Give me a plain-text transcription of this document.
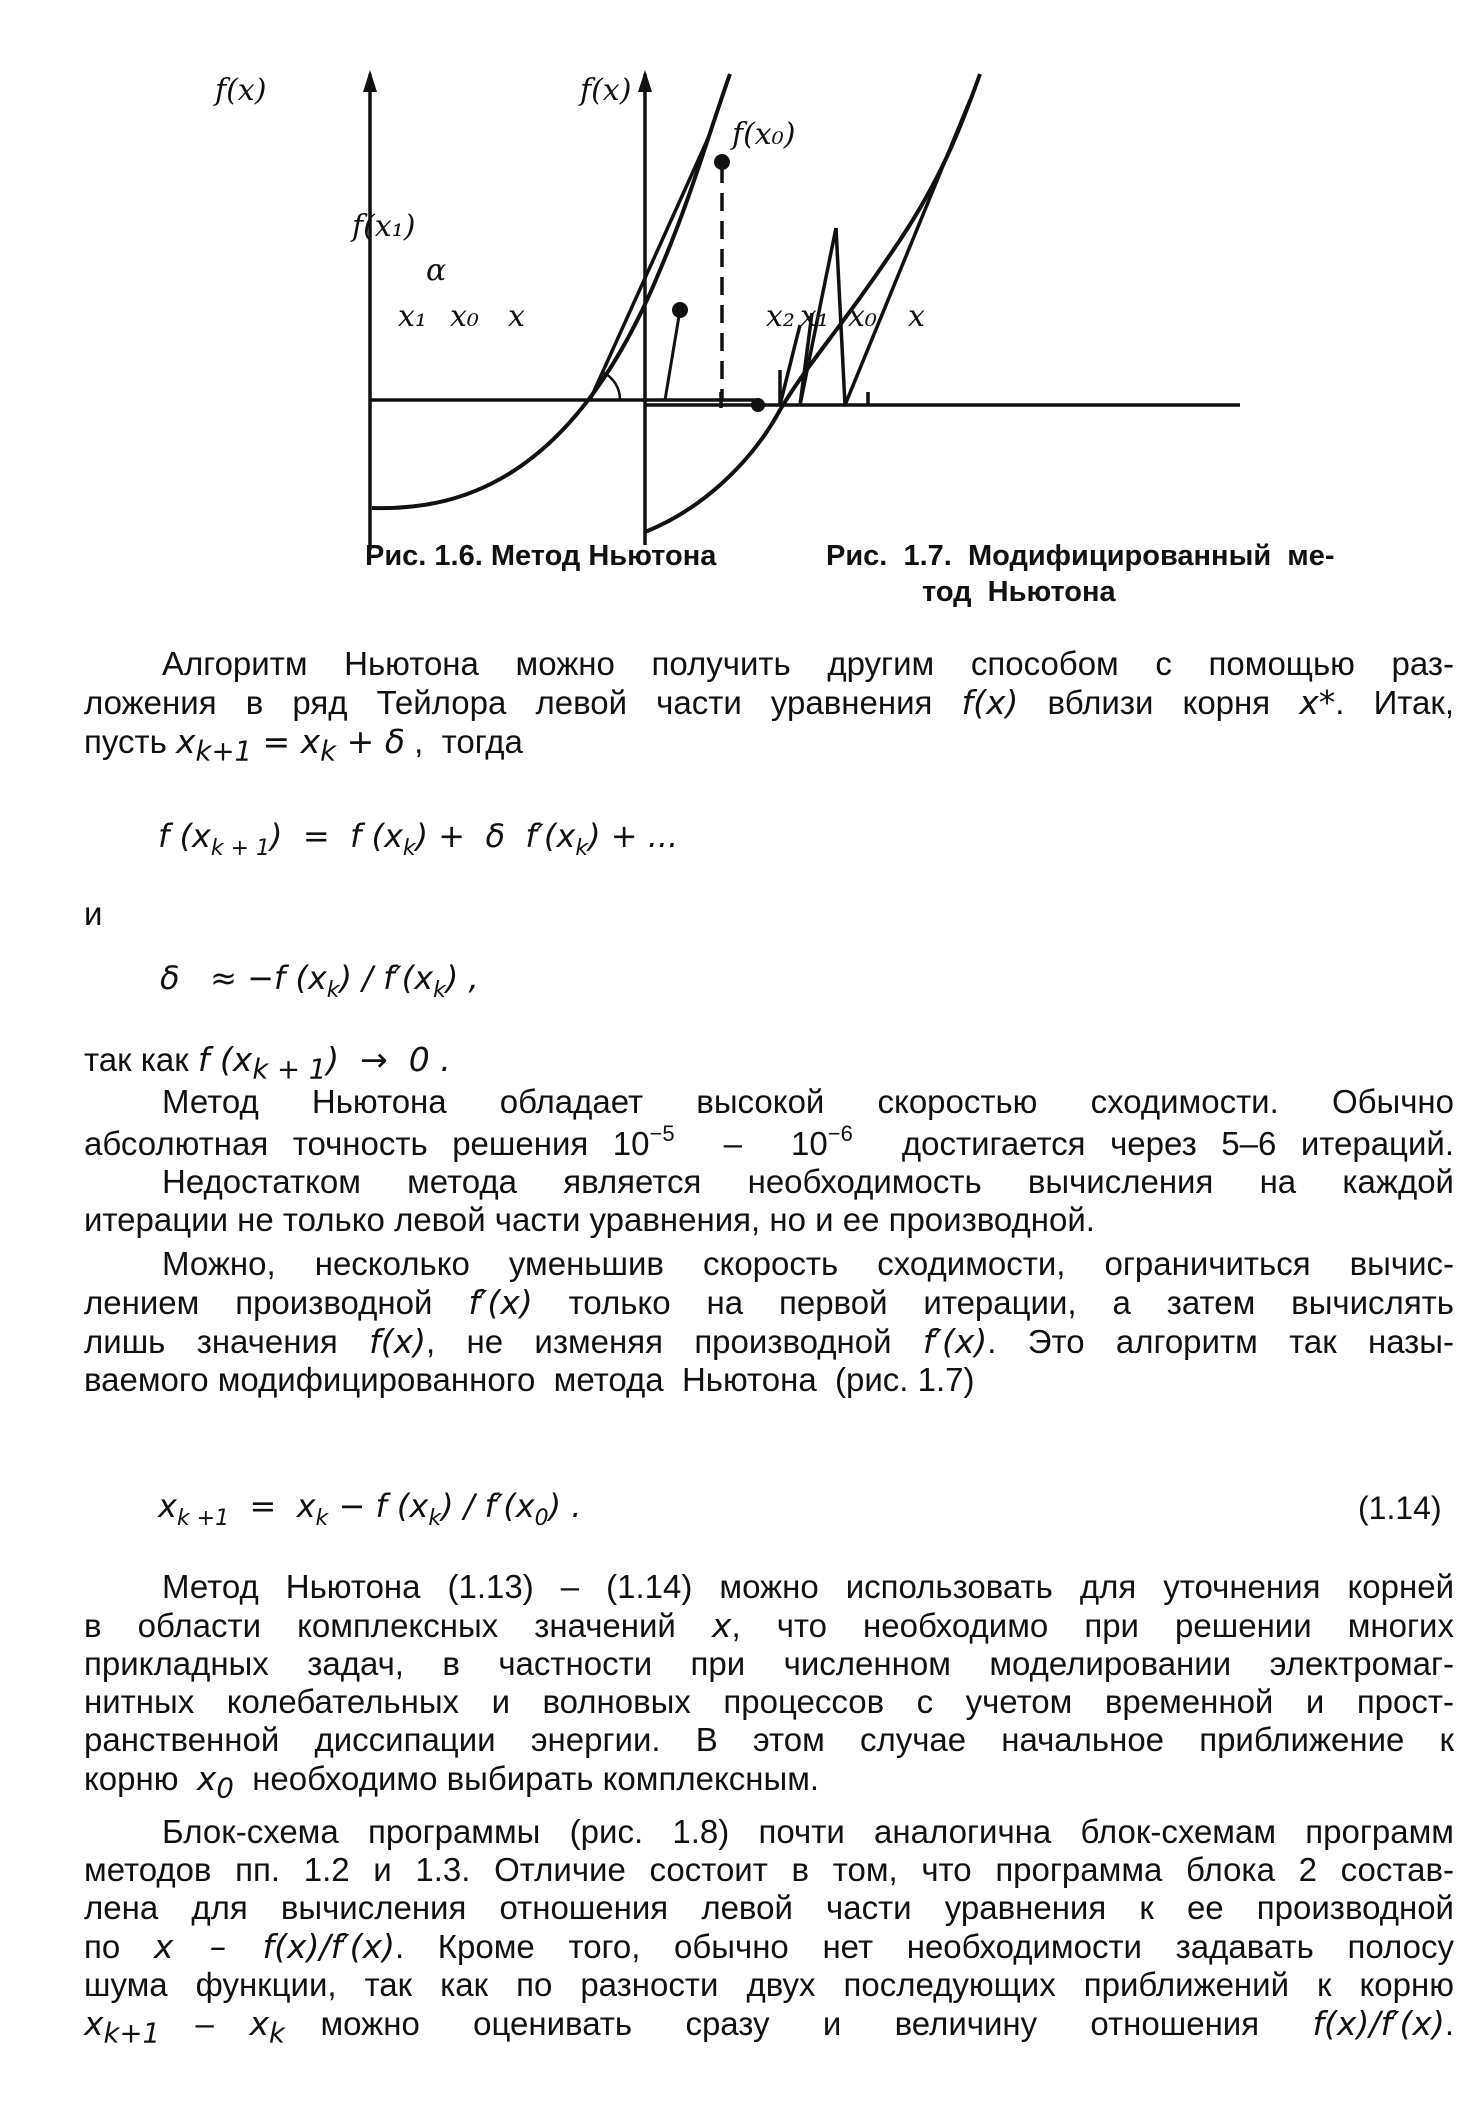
f(x)
f(x₀)
f(x₁)
α
x₁ x₀ x
f(x)
x₂ x₁ x₀ x
Рис. 1.6. Метод Ньютона	Рис.  1.7.  Модифицированный  ме-
тод  Ньютона
Алгоритм Ньютона можно получить другим способом с помощью раз-
ложения в ряд Тейлора левой части уравнения f(x) вблизи корня x*. Итак,
пусть $x_{k+1} = x_k + \delta$ ,  тогда
f $(x_{k + 1}) = f$ $(x_k) + \delta$  $f'(x_k)$ + ...
и
δ   ≈ −f $(x_k) / f'(x_k)$ ,
так как f $(x_{k + 1}) \to 0$ .
Метод Ньютона обладает высокой скоростью сходимости. Обычно
абсолютная точность решения $10^{-5} - 10^{-6}$  достигается через 5–6 итераций.
Недостатком метода является необходимость вычисления на каждой
итерации не только левой части уравнения, но и ее производной.
Можно, несколько уменьшив скорость сходимости, ограничиться вычис-
лением производной f′(x) только на первой итерации, а затем вычислять
лишь значения f(x), не изменяя производной f′(x). Это алгоритм так назы-
ваемого модифицированного  метода  Ньютона  (рис. 1.7)
$x_{k +1} = x_k - f$ $(x_k) / f'(x_0)$ .	(1.14)
Метод Ньютона (1.13) – (1.14) можно использовать для уточнения корней
в  области  комплексных  значений  x,  что  необходимо  при  решении  многих
прикладных задач, в частности при численном моделировании электромаг-
нитных колебательных и волновых процессов с учетом временной и прост-
ранственной диссипации энергии. В этом случае начальное приближение к
корню  $x_0$  необходимо выбирать комплексным.
Блок-схема программы (рис. 1.8) почти аналогична блок-схемам программ
методов пп. 1.2 и 1.3. Отличие состоит в том, что программа блока 2 состав-
лена для вычисления отношения левой части уравнения к ее производной
по  x  –  f(x)/f′(x).  Кроме  того,  обычно  нет  необходимости  задавать  полосу
шума функции, так как по разности двух последующих приближений к корню
$x_{k+1} - x_k$  можно   оценивать   сразу   и   величину   отношения   f(x)/f′(x).
